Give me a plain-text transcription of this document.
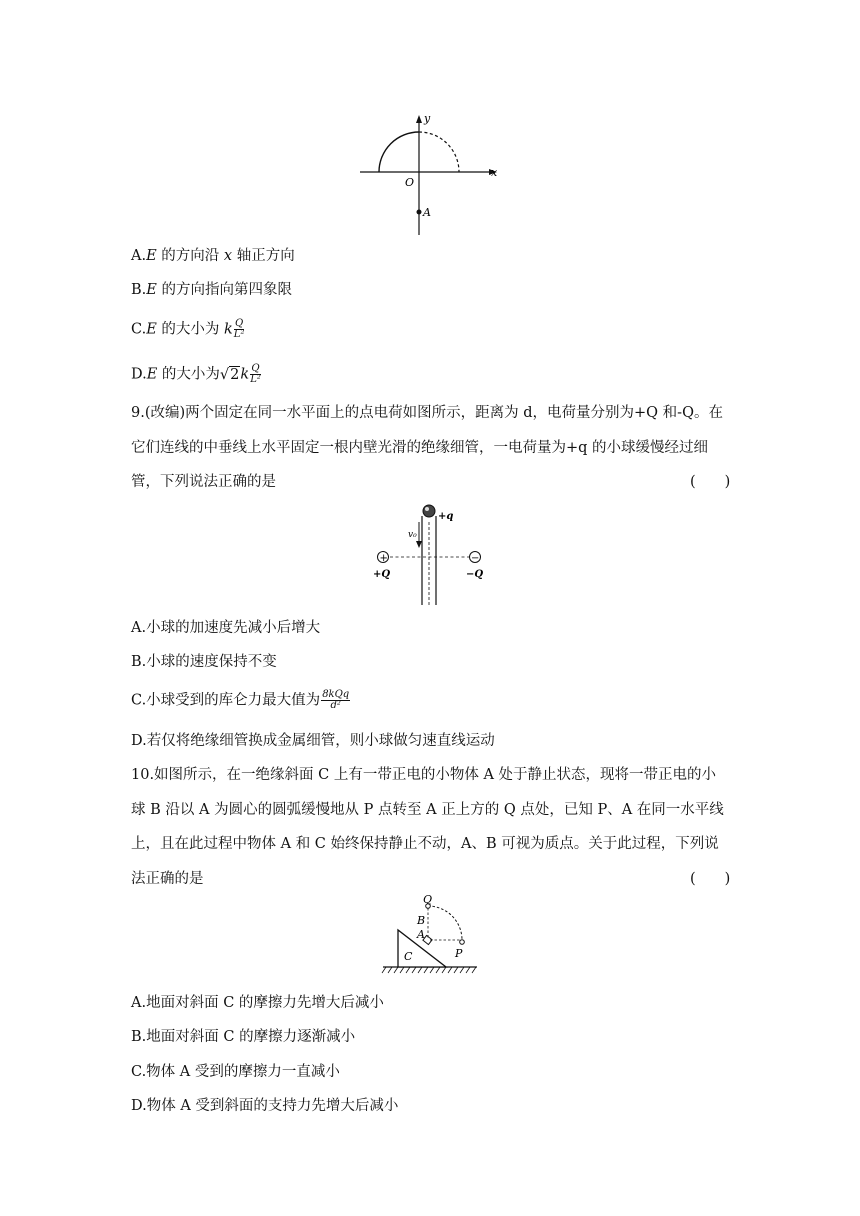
y
x
O
A
A.E 的方向沿 x 轴正方向
B.E 的方向指向第四象限
C.E 的大小为 k $\frac{Q}{\text{L²}}$
D.E 的大小为$√2k \frac{Q}{\text{L²}}$
9.(改编)两个固定在同一水平面上的点电荷如图所示，距离为 d，电荷量分别为+Q 和-Q。在
它们连线的中垂线上水平固定一根内壁光滑的绝缘细管，一电荷量为+q 的小球缓慢经过细
管，下列说法正确的是	(　　)
+	−
+q
v₀
+Q	−Q
A.小球的加速度先减小后增大
B.小球的速度保持不变
C.小球受到的库仑力最大值为 $\frac{\text{8kQq}}{\text{d²}}$
D.若仅将绝缘细管换成金属细管，则小球做匀速直线运动
10.如图所示，在一绝缘斜面 C 上有一带正电的小物体 A 处于静止状态，现将一带正电的小
球 B 沿以 A 为圆心的圆弧缓慢地从 P 点转至 A 正上方的 Q 点处，已知 P、A 在同一水平线
上，且在此过程中物体 A 和 C 始终保持静止不动，A、B 可视为质点。关于此过程，下列说
法正确的是	(　　)
Q
B
A
C	P
A.地面对斜面 C 的摩擦力先增大后减小
B.地面对斜面 C 的摩擦力逐渐减小
C.物体 A 受到的摩擦力一直减小
D.物体 A 受到斜面的支持力先增大后减小
